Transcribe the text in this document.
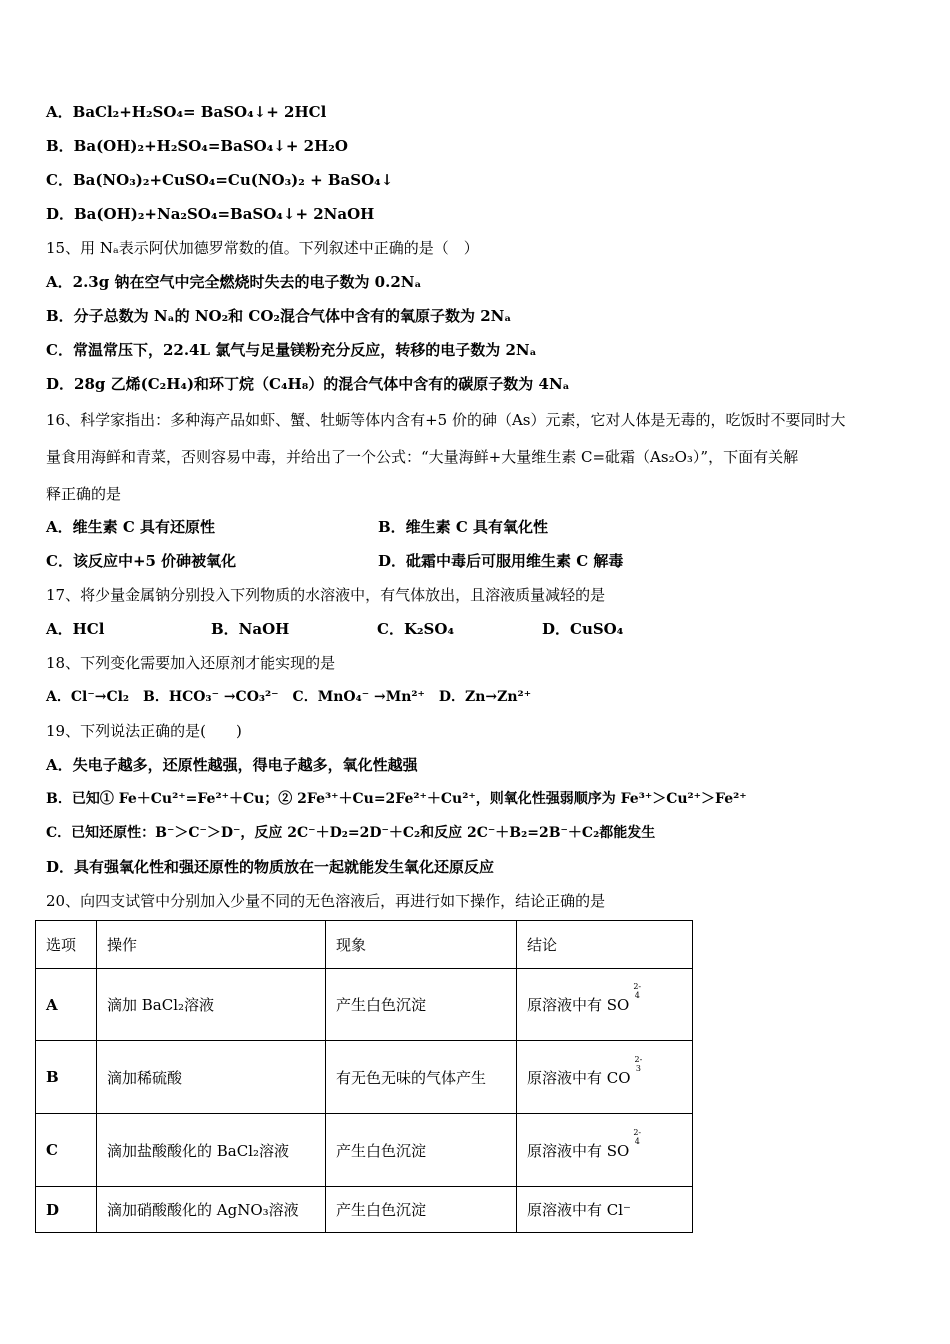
A．BaCl₂+H₂SO₄= BaSO₄↓+ 2HCl
B．Ba(OH)₂+H₂SO₄=BaSO₄↓+ 2H₂O
C．Ba(NO₃)₂+CuSO₄=Cu(NO₃)₂ + BaSO₄↓
D．Ba(OH)₂+Na₂SO₄=BaSO₄↓+ 2NaOH
15、用 Nₐ表示阿伏加德罗常数的值。下列叙述中正确的是（　）
A．2.3g 钠在空气中完全燃烧时失去的电子数为 0.2Nₐ
B．分子总数为 Nₐ的 NO₂和 CO₂混合气体中含有的氧原子数为 2Nₐ
C．常温常压下，22.4L 氯气与足量镁粉充分反应，转移的电子数为 2Nₐ
D．28g 乙烯(C₂H₄)和环丁烷（C₄H₈）的混合气体中含有的碳原子数为 4Nₐ
16、科学家指出：多种海产品如虾、蟹、牡蛎等体内含有+5 价的砷（As）元素，它对人体是无毒的，吃饭时不要同时大
量食用海鲜和青菜，否则容易中毒，并给出了一个公式：“大量海鲜+大量维生素 C=砒霜（As₂O₃）”，下面有关解
释正确的是
A．维生素 C 具有还原性	B．维生素 C 具有氧化性
C．该反应中+5 价砷被氧化	D．砒霜中毒后可服用维生素 C 解毒
17、将少量金属钠分别投入下列物质的水溶液中，有气体放出，且溶液质量减轻的是
A．HCl	B．NaOH	C．K₂SO₄	D．CuSO₄
18、下列变化需要加入还原剂才能实现的是
A．Cl⁻→Cl₂　B．HCO₃⁻ →CO₃²⁻　C．MnO₄⁻ →Mn²⁺　D．Zn→Zn²⁺
19、下列说法正确的是(　　)
A．失电子越多，还原性越强，得电子越多，氧化性越强
B．已知① Fe＋Cu²⁺=Fe²⁺＋Cu；② 2Fe³⁺＋Cu=2Fe²⁺＋Cu²⁺，则氧化性强弱顺序为 Fe³⁺＞Cu²⁺＞Fe²⁺
C．已知还原性：B⁻＞C⁻＞D⁻，反应 2C⁻＋D₂=2D⁻＋C₂和反应 2C⁻＋B₂=2B⁻＋C₂都能发生
D．具有强氧化性和强还原性的物质放在一起就能发生氧化还原反应
20、向四支试管中分别加入少量不同的无色溶液后，再进行如下操作，结论正确的是
选项	操作	现象	结论
A	滴加 BaCl₂溶液	产生白色沉淀	原溶液中有 SO
2-
4

B	滴加稀硫酸	有无色无味的气体产生	原溶液中有 CO
2-
3

C	滴加盐酸酸化的 BaCl₂溶液	产生白色沉淀	原溶液中有 SO
2-
4

D	滴加硝酸酸化的 AgNO₃溶液	产生白色沉淀	原溶液中有 Cl⁻
